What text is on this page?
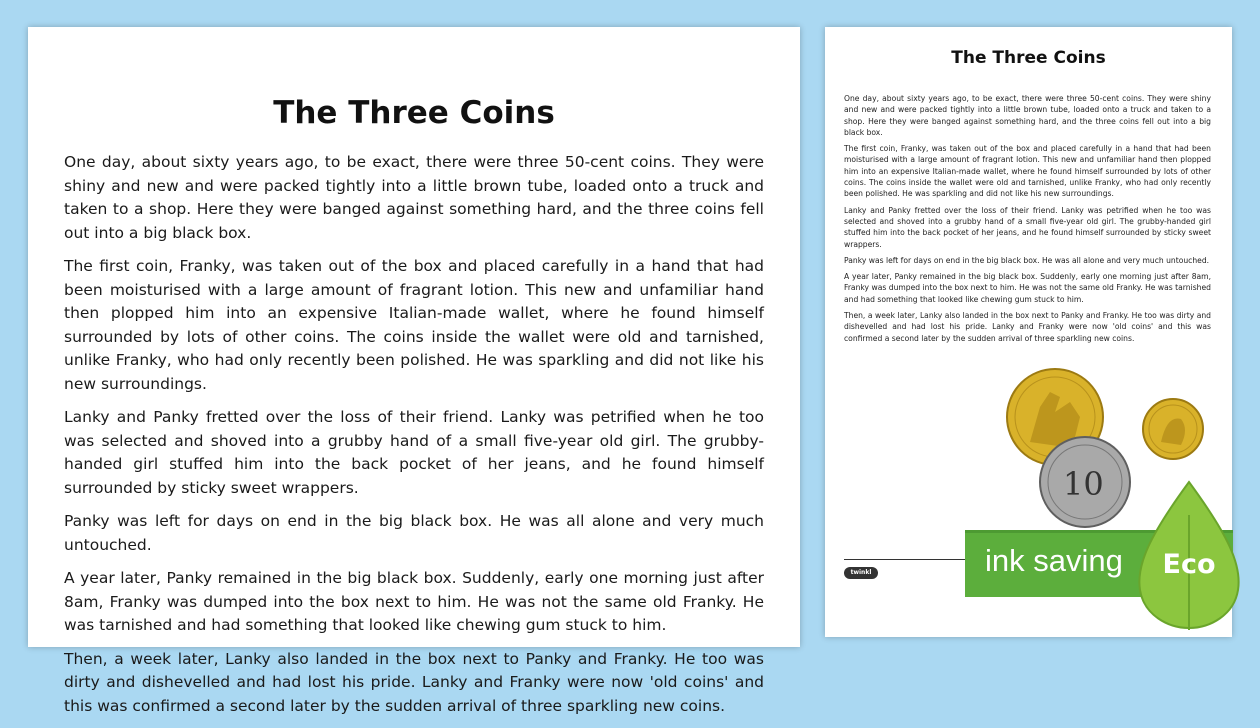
The Three Coins

One day, about sixty years ago, to be exact, there were three 50-cent coins. They were shiny and new and were packed tightly into a little brown tube, loaded onto a truck and taken to a shop. Here they were banged against something hard, and the three coins fell out into a big black box.

The first coin, Franky, was taken out of the box and placed carefully in a hand that had been moisturised with a large amount of fragrant lotion. This new and unfamiliar hand then plopped him into an expensive Italian-made wallet, where he found himself surrounded by lots of other coins. The coins inside the wallet were old and tarnished, unlike Franky, who had only recently been polished. He was sparkling and did not like his new surroundings.

Lanky and Panky fretted over the loss of their friend. Lanky was petrified when he too was selected and shoved into a grubby hand of a small five-year old girl. The grubby-handed girl stuffed him into the back pocket of her jeans, and he found himself surrounded by sticky sweet wrappers.

Panky was left for days on end in the big black box. He was all alone and very much untouched.

A year later, Panky remained in the big black box. Suddenly, early one morning just after 8am, Franky was dumped into the box next to him. He was not the same old Franky. He was tarnished and had something that looked like chewing gum stuck to him.

Then, a week later, Lanky also landed in the box next to Panky and Franky. He too was dirty and dishevelled and had lost his pride. Lanky and Franky were now 'old coins' and this was confirmed a second later by the sudden arrival of three sparkling new coins.

The Three Coins

One day, about sixty years ago, to be exact, there were three 50-cent coins. They were shiny and new and were packed tightly into a little brown tube, loaded onto a truck and taken to a shop. Here they were banged against something hard, and the three coins fell out into a big black box.

The first coin, Franky, was taken out of the box and placed carefully in a hand that had been moisturised with a large amount of fragrant lotion. This new and unfamiliar hand then plopped him into an expensive Italian-made wallet, where he found himself surrounded by lots of other coins. The coins inside the wallet were old and tarnished, unlike Franky, who had only recently been polished. He was sparkling and did not like his new surroundings.

Lanky and Panky fretted over the loss of their friend. Lanky was petrified when he too was selected and shoved into a grubby hand of a small five-year old girl. The grubby-handed girl stuffed him into the back pocket of her jeans, and he found himself surrounded by sticky sweet wrappers.

Panky was left for days on end in the big black box. He was all alone and very much untouched.

A year later, Panky remained in the big black box. Suddenly, early one morning just after 8am, Franky was dumped into the box next to him. He was not the same old Franky. He was tarnished and had something that looked like chewing gum stuck to him.

Then, a week later, Lanky also landed in the box next to Panky and Franky. He too was dirty and dishevelled and had lost his pride. Lanky and Franky were now 'old coins' and this was confirmed a second later by the sudden arrival of three sparkling new coins.

10
twinkl	ink saving Eco
